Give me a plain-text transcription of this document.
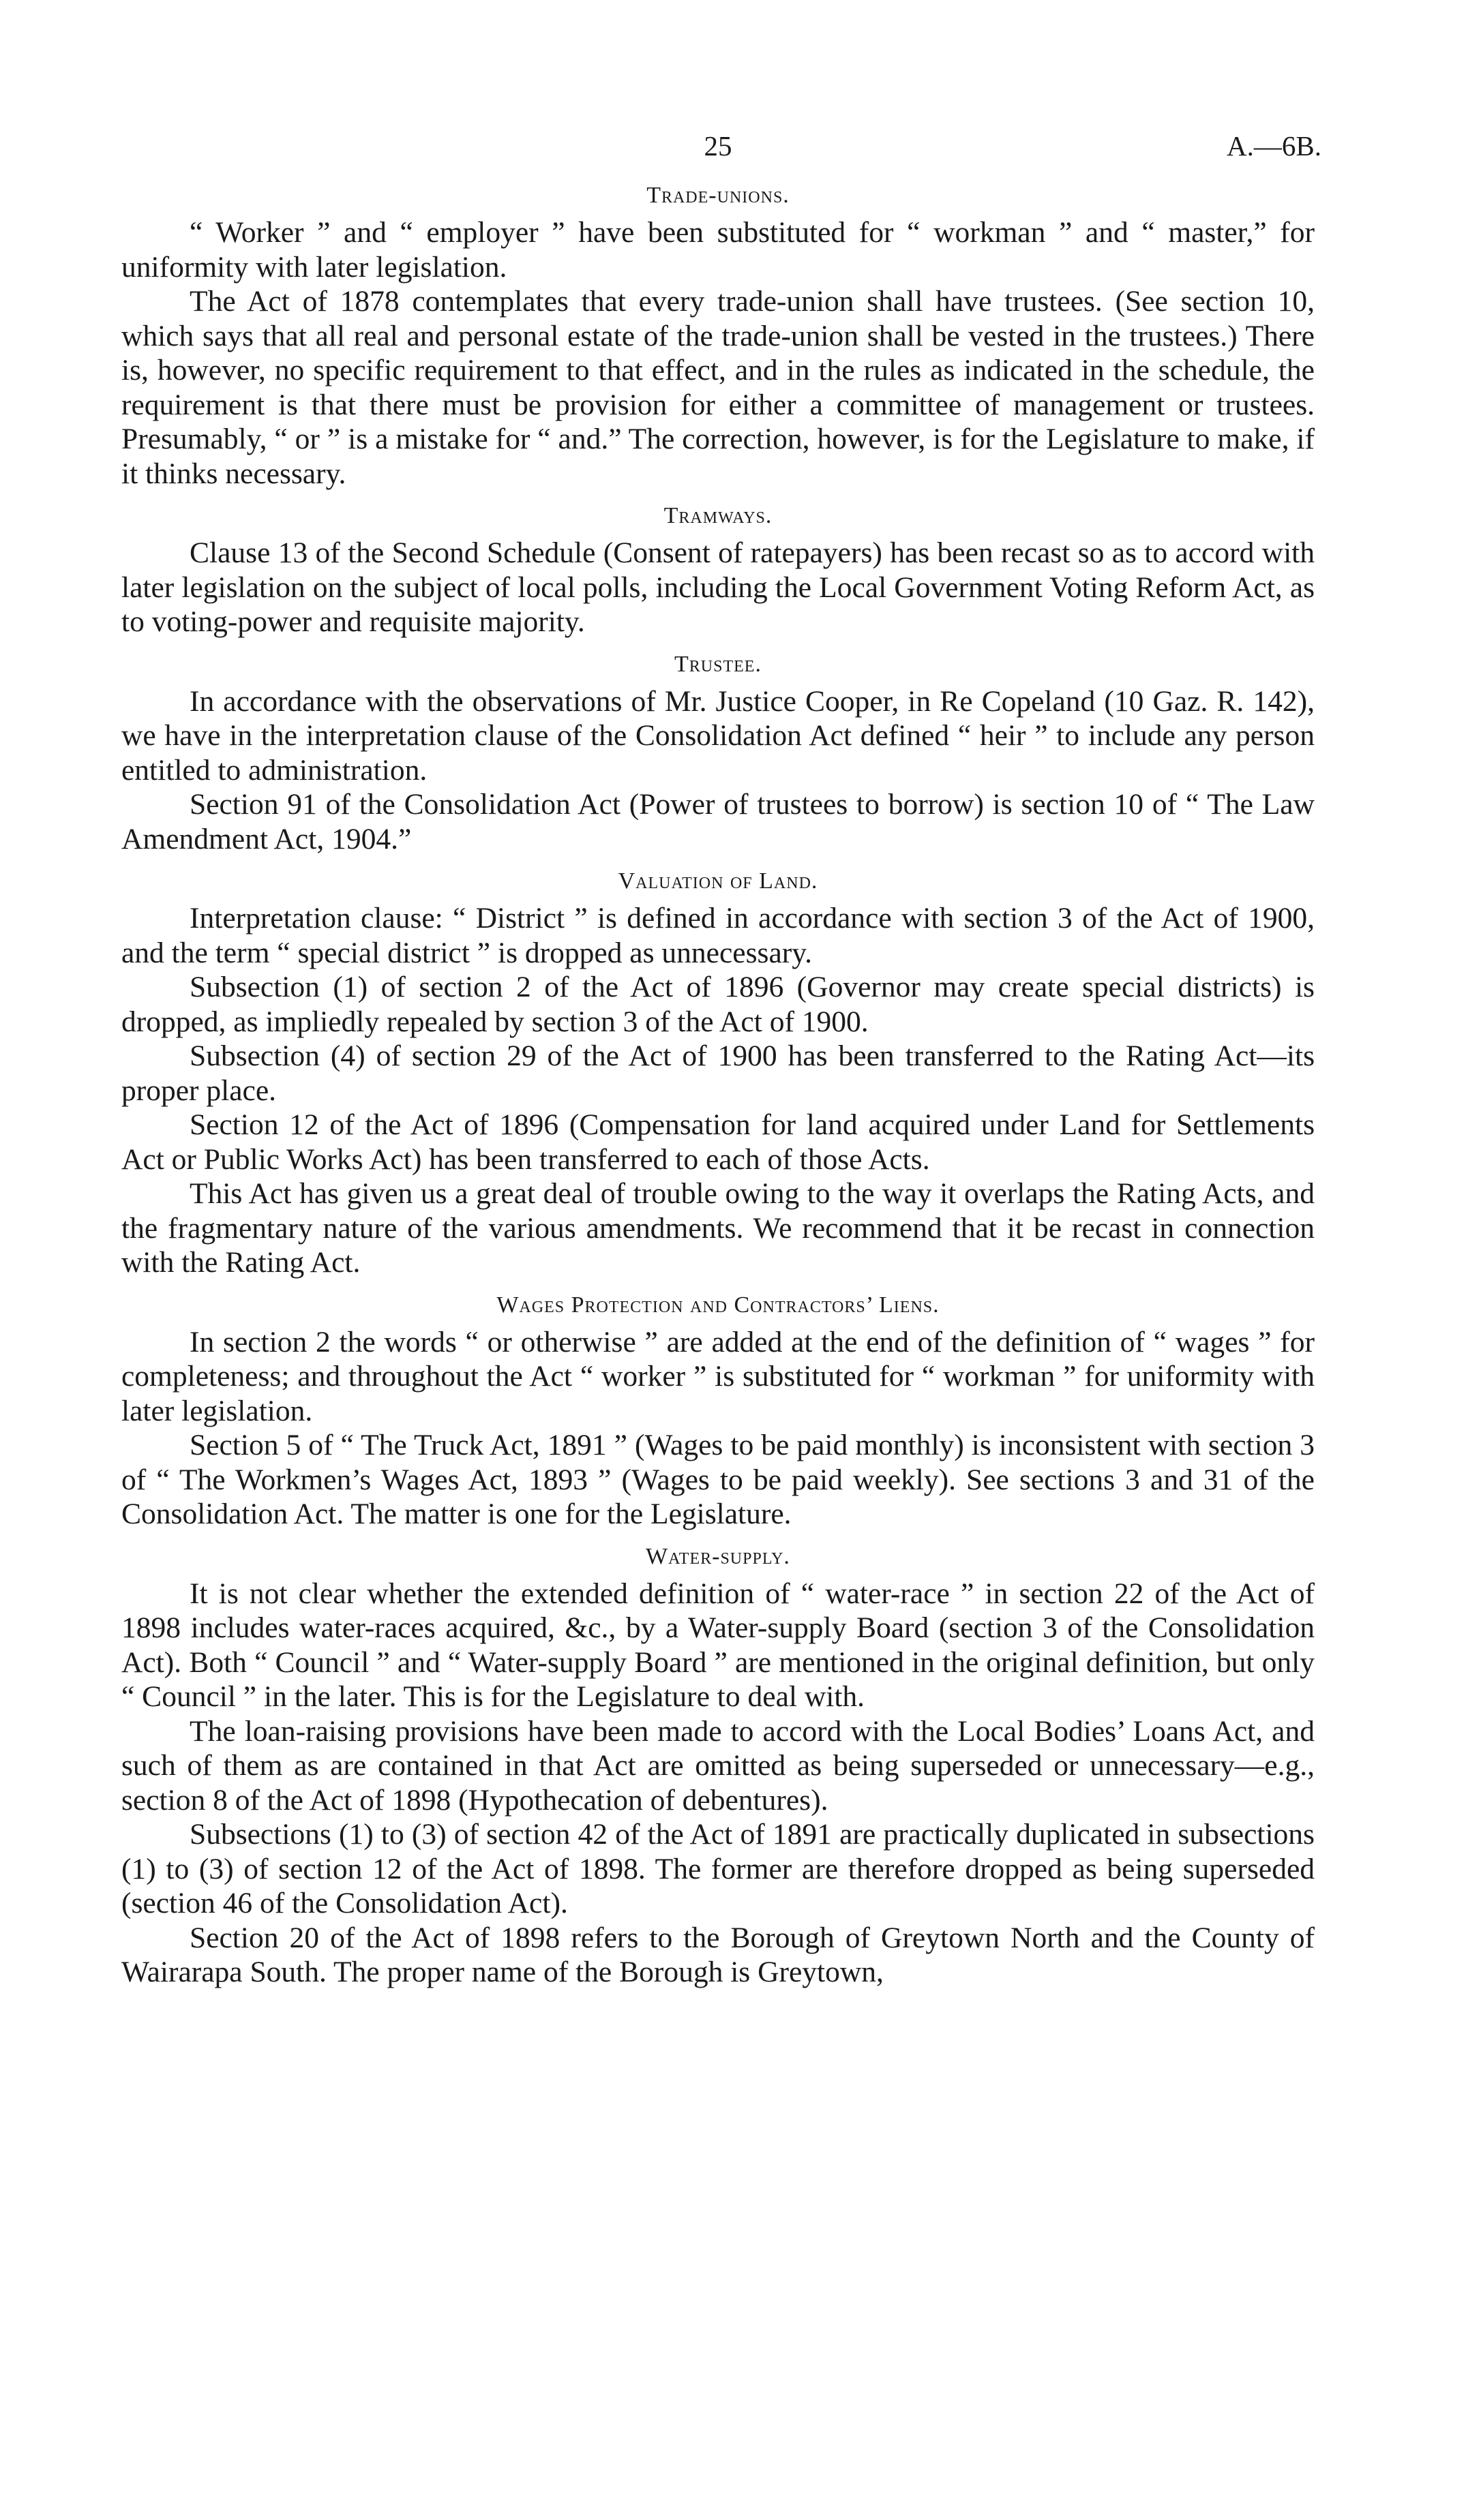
25	A.—6B.
Trade-unions.

“ Worker ” and “ employer ” have been substituted for “ workman ” and “ master,” for uniformity with later legislation.

The Act of 1878 contemplates that every trade-union shall have trustees. (See section 10, which says that all real and personal estate of the trade-union shall be vested in the trustees.) There is, however, no specific requirement to that effect, and in the rules as indicated in the schedule, the requirement is that there must be provision for either a committee of management or trustees. Presumably, “ or ” is a mistake for “ and.” The correction, however, is for the Legislature to make, if it thinks necessary.

Tramways.

Clause 13 of the Second Schedule (Consent of ratepayers) has been recast so as to accord with later legislation on the subject of local polls, including the Local Government Voting Reform Act, as to voting-power and requisite majority.

Trustee.

In accordance with the observations of Mr. Justice Cooper, in Re Copeland (10 Gaz. R. 142), we have in the interpretation clause of the Consolidation Act defined “ heir ” to include any person entitled to administration.

Section 91 of the Consolidation Act (Power of trustees to borrow) is section 10 of “ The Law Amendment Act, 1904.”

Valuation of Land.

Interpretation clause: “ District ” is defined in accordance with section 3 of the Act of 1900, and the term “ special district ” is dropped as unnecessary.

Subsection (1) of section 2 of the Act of 1896 (Governor may create special districts) is dropped, as impliedly repealed by section 3 of the Act of 1900.

Subsection (4) of section 29 of the Act of 1900 has been transferred to the Rating Act—its proper place.

Section 12 of the Act of 1896 (Compensation for land acquired under Land for Settlements Act or Public Works Act) has been transferred to each of those Acts.

This Act has given us a great deal of trouble owing to the way it overlaps the Rating Acts, and the fragmentary nature of the various amendments. We recommend that it be recast in connection with the Rating Act.

Wages Protection and Contractors’ Liens.

In section 2 the words “ or otherwise ” are added at the end of the definition of “ wages ” for completeness; and throughout the Act “ worker ” is substituted for “ workman ” for uniformity with later legislation.

Section 5 of “ The Truck Act, 1891 ” (Wages to be paid monthly) is inconsistent with section 3 of “ The Workmen’s Wages Act, 1893 ” (Wages to be paid weekly). See sections 3 and 31 of the Consolidation Act. The matter is one for the Legislature.

Water-supply.

It is not clear whether the extended definition of “ water-race ” in section 22 of the Act of 1898 includes water-races acquired, &c., by a Water-supply Board (section 3 of the Consolidation Act). Both “ Council ” and “ Water-supply Board ” are mentioned in the original definition, but only “ Council ” in the later. This is for the Legislature to deal with.

The loan-raising provisions have been made to accord with the Local Bodies’ Loans Act, and such of them as are contained in that Act are omitted as being superseded or unnecessary—e.g., section 8 of the Act of 1898 (Hypothecation of debentures).

Subsections (1) to (3) of section 42 of the Act of 1891 are practically duplicated in subsections (1) to (3) of section 12 of the Act of 1898. The former are therefore dropped as being superseded (section 46 of the Consolidation Act).

Section 20 of the Act of 1898 refers to the Borough of Greytown North and the County of Wairarapa South. The proper name of the Borough is Greytown,
